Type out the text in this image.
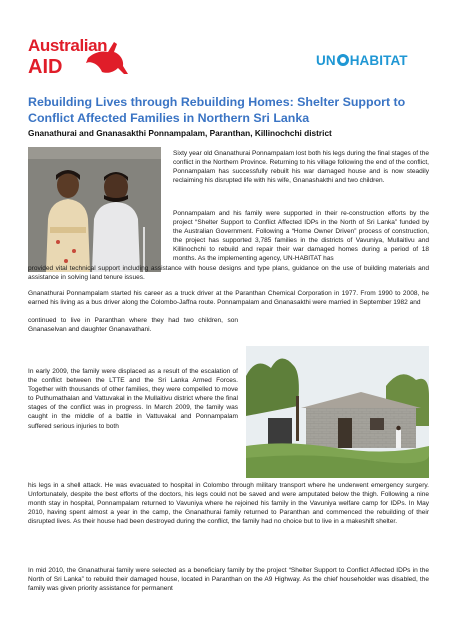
Australian
AID	UN HABITAT
Rebuilding Lives through Rebuilding Homes: Shelter Support to Conflict Affected Families in Northern Sri Lanka
Gnanathurai and Gnanasakthi Ponnampalam, Paranthan, Killinochchi district

Sixty year old Gnanathurai Ponnampalam lost both his legs during the final stages of the conflict in the Northern Province. Returning to his village following the end of the conflict, Ponnampalam has successfully rebuilt his war damaged house and is now steadily reclaiming his disrupted life with his wife, Gnanashakthi and two children.

Ponnampalam and his family were supported in their re-construction efforts by the project “Shelter Support to Conflict Affected IDPs in the North of Sri Lanka” funded by the Australian Government. Following a “Home Owner Driven” process of construction, the project has supported 3,785 families in the districts of Vavuniya, Mullaitivu and Killinochchi to rebuild and repair their war damaged homes during a period of 18 months. As the implementing agency, UN-HABITAT has

provided vital technical support including assistance with house designs and type plans, guidance on the use of building materials and assistance in solving land tenure issues.

Gnanathurai Ponnampalam started his career as a truck driver at the Paranthan Chemical Corporation in 1977. From 1990 to 2008, he earned his living as a bus driver along the Colombo-Jaffna route. Ponnampalam and Gnanasakthi were married in September 1982 and

continued to live in Paranthan where they had two children, son Gnanaselvan and daughter Gnanavathani.

In early 2009, the family were displaced as a result of the escalation of the conflict between the LTTE and the Sri Lanka Armed Forces. Together with thousands of other families, they were compelled to move to Puthumathalan and Vattuvakal in the Mullaitivu district where the final stages of the conflict was in progress. In March 2009, the family was caught in the middle of a battle in Vattuvakal and Ponnampalam suffered serious injuries to both

his legs in a shell attack. He was evacuated to hospital in Colombo through military transport where he underwent emergency surgery. Unfortunately, despite the best efforts of the doctors, his legs could not be saved and were amputated below the thigh. Following a nine month stay in hospital, Ponnampalam returned to Vavuniya where he rejoined his family in the Vavuniya welfare camp for IDPs. In May 2010, having spent almost a year in the camp, the Gnanathurai family returned to Paranthan and commenced the rebuilding of their disrupted lives. As their house had been destroyed during the conflict, the family had no choice but to live in a makeshift shelter.

In mid 2010, the Gnanathurai family were selected as a beneficiary family by the project “Shelter Support to Conflict Affected IDPs in the North of Sri Lanka” to rebuild their damaged house, located in Paranthan on the A9 Highway. As the chief householder was disabled, the family was given priority assistance for permanent
